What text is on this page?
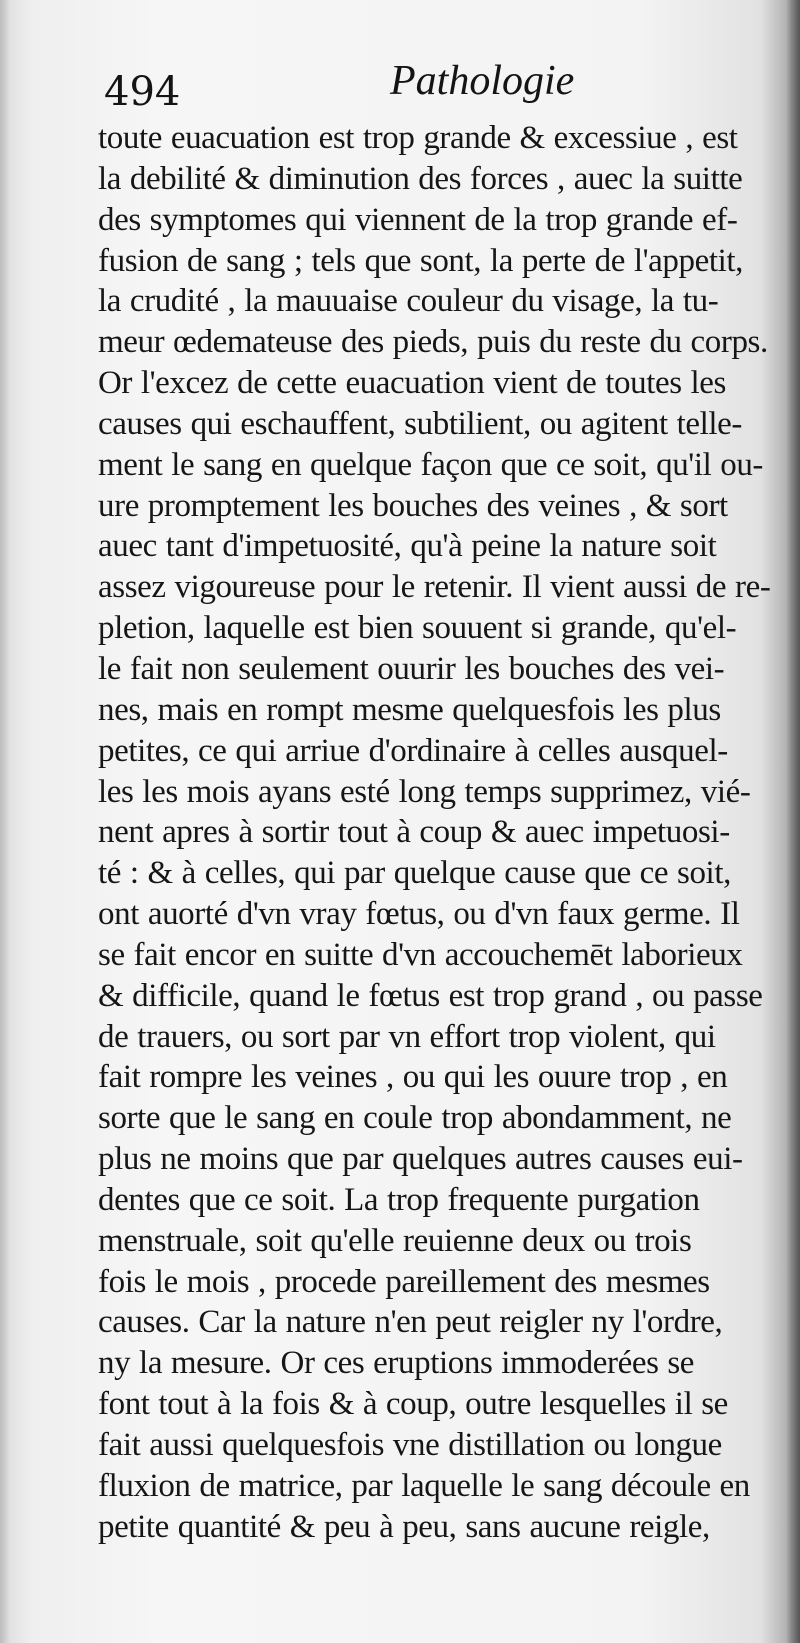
494	Pathologie
toute euacuation est trop grande & excessiue , est
la debilité & diminution des forces , auec la suitte
des symptomes qui viennent de la trop grande ef-
fusion de sang ; tels que sont, la perte de l'appetit,
la crudité , la mauuaise couleur du visage, la tu-
meur œdemateuse des pieds, puis du reste du corps.
Or l'excez de cette euacuation vient de toutes les
causes qui eschauffent, subtilient, ou agitent telle-
ment le sang en quelque façon que ce soit, qu'il ou-
ure promptement les bouches des veines , & sort
auec tant d'impetuosité, qu'à peine la nature soit
assez vigoureuse pour le retenir. Il vient aussi de re-
pletion, laquelle est bien souuent si grande, qu'el-
le fait non seulement ouurir les bouches des vei-
nes, mais en rompt mesme quelquesfois les plus
petites, ce qui arriue d'ordinaire à celles ausquel-
les les mois ayans esté long temps supprimez, vié-
nent apres à sortir tout à coup & auec impetuosi-
té : & à celles, qui par quelque cause que ce soit,
ont auorté d'vn vray fœtus, ou d'vn faux germe. Il
se fait encor en suitte d'vn accouchemēt laborieux
& difficile, quand le fœtus est trop grand , ou passe
de trauers, ou sort par vn effort trop violent, qui
fait rompre les veines , ou qui les ouure trop , en
sorte que le sang en coule trop abondamment, ne
plus ne moins que par quelques autres causes eui-
dentes que ce soit. La trop frequente purgation
menstruale, soit qu'elle reuienne deux ou trois
fois le mois , procede pareillement des mesmes
causes. Car la nature n'en peut reigler ny l'ordre,
ny la mesure. Or ces eruptions immoderées se
font tout à la fois & à coup, outre lesquelles il se
fait aussi quelquesfois vne distillation ou longue
fluxion de matrice, par laquelle le sang découle en
petite quantité & peu à peu, sans aucune reigle,
